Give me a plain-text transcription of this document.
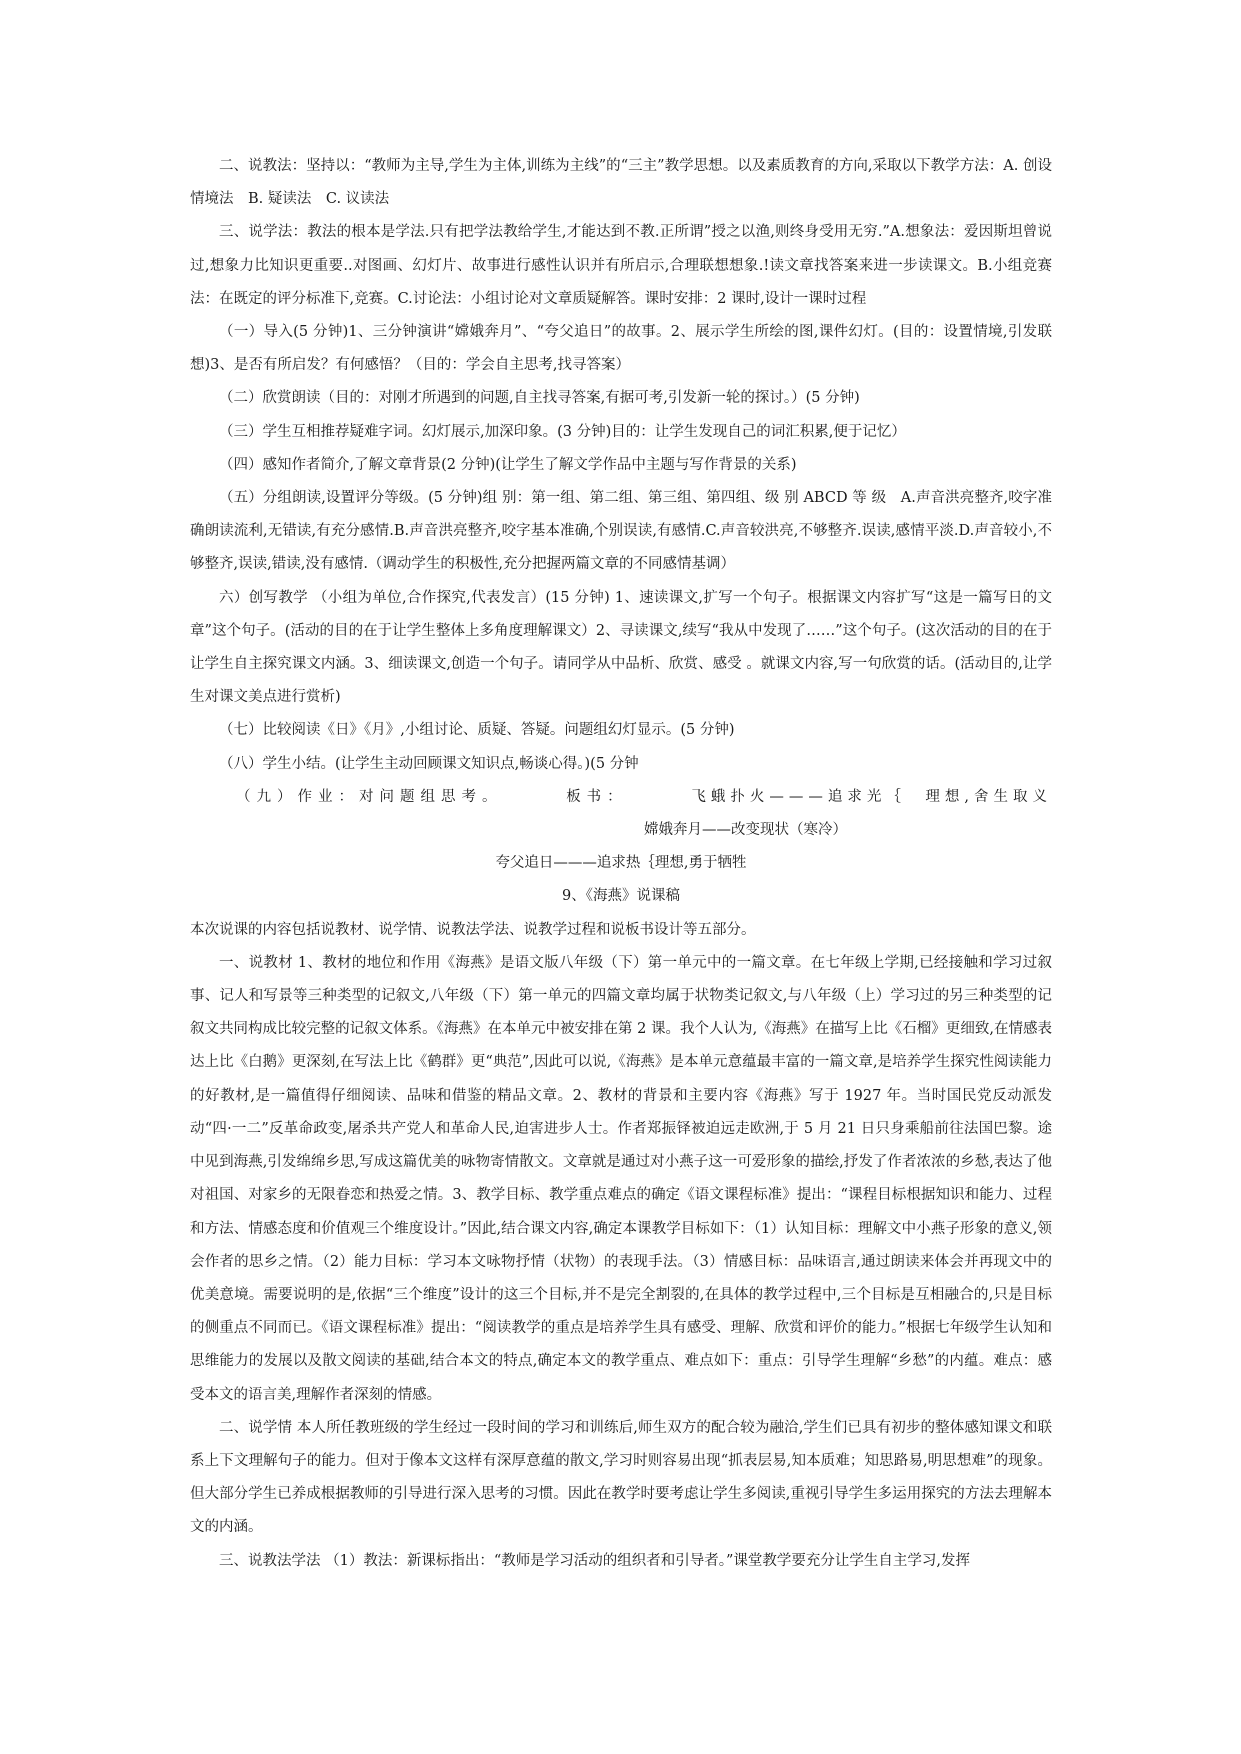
二、说教法：坚持以：“教师为主导,学生为主体,训练为主线”的“三主”教学思想。以及素质教育的方向,采取以下教学方法：A. 创设情境法　B. 疑读法　C. 议读法

三、说学法：教法的根本是学法.只有把学法教给学生,才能达到不教.正所谓”授之以渔,则终身受用无穷.”A.想象法：爱因斯坦曾说过,想象力比知识更重要..对图画、幻灯片、故事进行感性认识并有所启示,合理联想想象.!读文章找答案来进一步读课文。B.小组竞赛法：在既定的评分标准下,竞赛。C.讨论法：小组讨论对文章质疑解答。课时安排：2 课时,设计一课时过程

（一）导入(5 分钟)1、三分钟演讲“嫦娥奔月”、“夸父追日”的故事。2、展示学生所绘的图,课件幻灯。(目的：设置情境,引发联想)3、是否有所启发？有何感悟？（目的：学会自主思考,找寻答案）

（二）欣赏朗读（目的：对刚才所遇到的问题,自主找寻答案,有据可考,引发新一轮的探讨。）(5 分钟)

（三）学生互相推荐疑难字词。幻灯展示,加深印象。(3 分钟)目的：让学生发现自己的词汇积累,便于记忆）

（四）感知作者简介,了解文章背景(2 分钟)(让学生了解文学作品中主题与写作背景的关系)

（五）分组朗读,设置评分等级。(5 分钟)组 别：第一组、第二组、第三组、第四组、级 别 ABCD 等 级　A.声音洪亮整齐,咬字准确朗读流利,无错读,有充分感情.B.声音洪亮整齐,咬字基本准确,个别误读,有感情.C.声音较洪亮,不够整齐.误读,感情平淡.D.声音较小,不够整齐,误读,错读,没有感情.（调动学生的积极性,充分把握两篇文章的不同感情基调）

六）创写教学 （小组为单位,合作探究,代表发言）(15 分钟) 1、速读课文,扩写一个句子。根据课文内容扩写“这是一篇写日的文章”这个句子。(活动的目的在于让学生整体上多角度理解课文）2、寻读课文,续写“我从中发现了……”这个句子。(这次活动的目的在于让学生自主探究课文内涵。3、细读课文,创造一个句子。请同学从中品析、欣赏、感受 。就课文内容,写一句欣赏的话。(活动目的,让学生对课文美点进行赏析)

（七）比较阅读《日》《月》,小组讨论、质疑、答疑。问题组幻灯显示。(5 分钟)

（八）学生小结。(让学生主动回顾课文知识点,畅谈心得。)(5 分钟

（九）作业：对问题组思考。	板书：	飞蛾扑火———追求光｛　理想,舍生取义

嫦娥奔月——改变现状（寒冷）

夸父追日———追求热｛理想,勇于牺牲

9、《海燕》说课稿

本次说课的内容包括说教材、说学情、说教法学法、说教学过程和说板书设计等五部分。

一、说教材 1、教材的地位和作用《海燕》是语文版八年级（下）第一单元中的一篇文章。在七年级上学期,已经接触和学习过叙事、记人和写景等三种类型的记叙文,八年级（下）第一单元的四篇文章均属于状物类记叙文,与八年级（上）学习过的另三种类型的记叙文共同构成比较完整的记叙文体系。《海燕》在本单元中被安排在第 2 课。我个人认为,《海燕》在描写上比《石榴》更细致,在情感表达上比《白鹅》更深刻,在写法上比《鹤群》更“典范”,因此可以说,《海燕》是本单元意蕴最丰富的一篇文章,是培养学生探究性阅读能力的好教材,是一篇值得仔细阅读、品味和借鉴的精品文章。2、教材的背景和主要内容《海燕》写于 1927 年。当时国民党反动派发动“四·一二”反革命政变,屠杀共产党人和革命人民,迫害进步人士。作者郑振铎被迫远走欧洲,于 5 月 21 日只身乘船前往法国巴黎。途中见到海燕,引发绵绵乡思,写成这篇优美的咏物寄情散文。文章就是通过对小燕子这一可爱形象的描绘,抒发了作者浓浓的乡愁,表达了他对祖国、对家乡的无限眷恋和热爱之情。3、教学目标、教学重点难点的确定《语文课程标准》提出：“课程目标根据知识和能力、过程和方法、情感态度和价值观三个维度设计。”因此,结合课文内容,确定本课教学目标如下：（1）认知目标：理解文中小燕子形象的意义,领会作者的思乡之情。（2）能力目标：学习本文咏物抒情（状物）的表现手法。（3）情感目标：品味语言,通过朗读来体会并再现文中的优美意境。需要说明的是,依据“三个维度”设计的这三个目标,并不是完全割裂的,在具体的教学过程中,三个目标是互相融合的,只是目标的侧重点不同而已。《语文课程标准》提出：“阅读教学的重点是培养学生具有感受、理解、欣赏和评价的能力。”根据七年级学生认知和思维能力的发展以及散文阅读的基础,结合本文的特点,确定本文的教学重点、难点如下：重点：引导学生理解“乡愁”的内蕴。难点：感受本文的语言美,理解作者深刻的情感。

二、说学情 本人所任教班级的学生经过一段时间的学习和训练后,师生双方的配合较为融洽,学生们已具有初步的整体感知课文和联系上下文理解句子的能力。但对于像本文这样有深厚意蕴的散文,学习时则容易出现“抓表层易,知本质难；知思路易,明思想难”的现象。但大部分学生已养成根据教师的引导进行深入思考的习惯。因此在教学时要考虑让学生多阅读,重视引导学生多运用探究的方法去理解本文的内涵。

三、说教法学法 （1）教法：新课标指出：“教师是学习活动的组织者和引导者。”课堂教学要充分让学生自主学习,发挥
